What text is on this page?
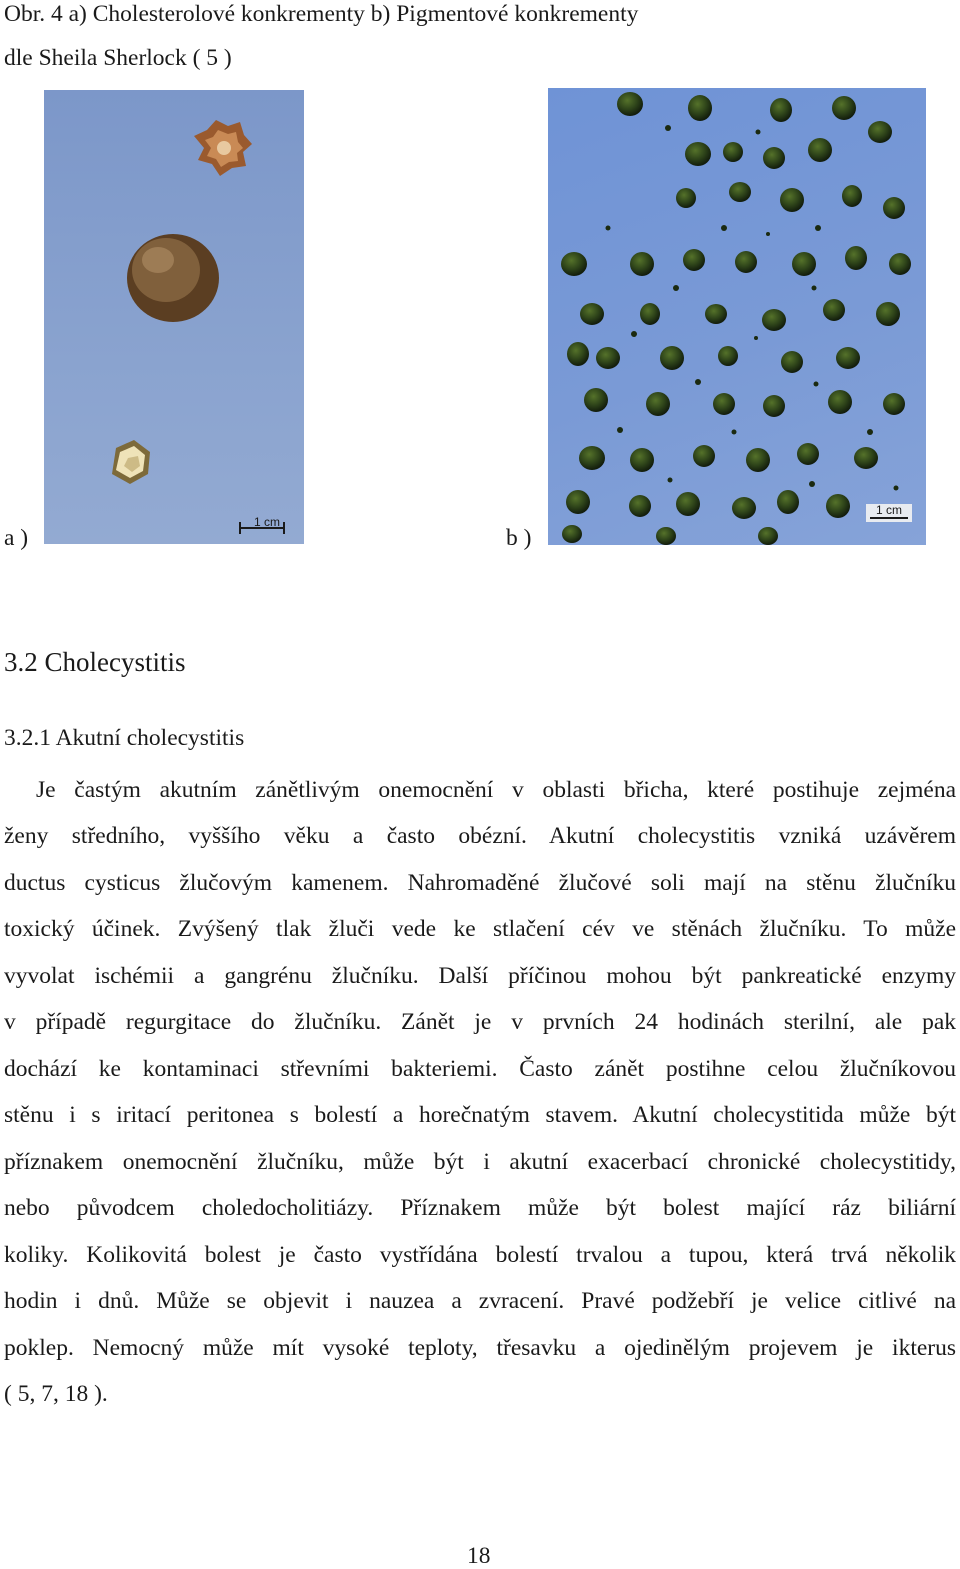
Obr. 4 a) Cholesterolové konkrementy b) Pigmentové konkrementy
dle Sheila Sherlock ( 5 )
1 cm
1 cm
a )	b )
3.2 Cholecystitis
3.2.1 Akutní cholecystitis
Je častým akutním zánětlivým onemocnění v oblasti břicha, které postihuje zejména
ženy středního, vyššího věku a často obézní. Akutní cholecystitis vzniká uzávěrem
ductus cysticus žlučovým kamenem. Nahromaděné žlučové soli mají na stěnu žlučníku
toxický účinek. Zvýšený tlak žluči vede ke stlačení cév ve stěnách žlučníku. To může
vyvolat ischémii a gangrénu žlučníku. Další příčinou mohou být pankreatické enzymy
v případě regurgitace do žlučníku. Zánět je v prvních 24 hodinách sterilní, ale pak
dochází ke kontaminaci střevními bakteriemi. Často zánět postihne celou žlučníkovou
stěnu i s iritací peritonea s bolestí a horečnatým stavem. Akutní cholecystitida může být
příznakem onemocnění žlučníku, může být i akutní exacerbací chronické cholecystitidy,
nebo původcem choledocholitiázy. Příznakem může být bolest mající ráz biliární
koliky. Kolikovitá bolest je často vystřídána bolestí trvalou a tupou, která trvá několik
hodin i dnů. Může se objevit i nauzea a zvracení. Pravé podžebří je velice citlivé na
poklep. Nemocný může mít vysoké teploty, třesavku a ojedinělým projevem je ikterus
( 5, 7, 18 ).
18
